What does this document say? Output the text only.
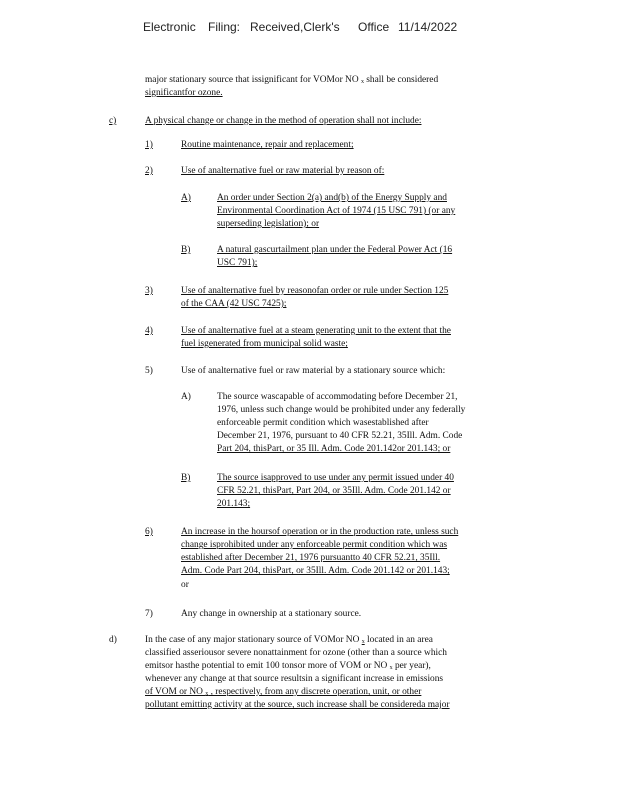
Electronic Filing: Received,Clerk's Office 11/14/2022
major stationary source that issignificant for VOMor NO $_x$ shall be considered
significantfor ozone.
c)	A physical change or change in the method of operation shall not include:
1)	Routine maintenance, repair and replacement;
2)	Use of analternative fuel or raw material by reason of:
A)	An order under Section 2(a) and(b) of the Energy Supply and
Environmental Coordination Act of 1974 (15 USC 791) (or any
superseding legislation); or
B)	A natural gascurtailment plan under the Federal Power Act (16
USC 791);
3)	Use of analternative fuel by reasonofan order or rule under Section 125
of the CAA (42 USC 7425);
4)	Use of analternative fuel at a steam generating unit to the extent that the
fuel isgenerated from municipal solid waste;
5)	Use of analternative fuel or raw material by a stationary source which:
A)	The source wascapable of accommodating before December 21,
1976, unless such change would be prohibited under any federally
enforceable permit condition which wasestablished after
December 21, 1976, pursuant to 40 CFR 52.21, 35Ill. Adm. Code
Part 204, thisPart, or 35 Ill. Adm. Code 201.142or 201.143; or
B)	The source isapproved to use under any permit issued under 40
CFR 52.21, thisPart, Part 204, or 35Ill. Adm. Code 201.142 or
201.143;
6)	An increase in the hoursof operation or in the production rate, unless such
change isprohibited under any enforceable permit condition which was
established after December 21, 1976 pursuantto 40 CFR 52.21, 35Ill.
Adm. Code Part 204, thisPart, or 35Ill. Adm. Code 201.142 or 201.143;
or
7)	Any change in ownership at a stationary source.
d)	In the case of any major stationary source of VOMor NO $_x$ located in an area
classified asseriousor severe nonattainment for ozone (other than a source which
emitsor hasthe potential to emit 100 tonsor more of VOM or NO $_x$ per year),
whenever any change at that source resultsin a significant increase in emissions
of VOM or NO $_x$ , respectively, from any discrete operation, unit, or other
pollutant emitting activity at the source, such increase shall be considereda major
